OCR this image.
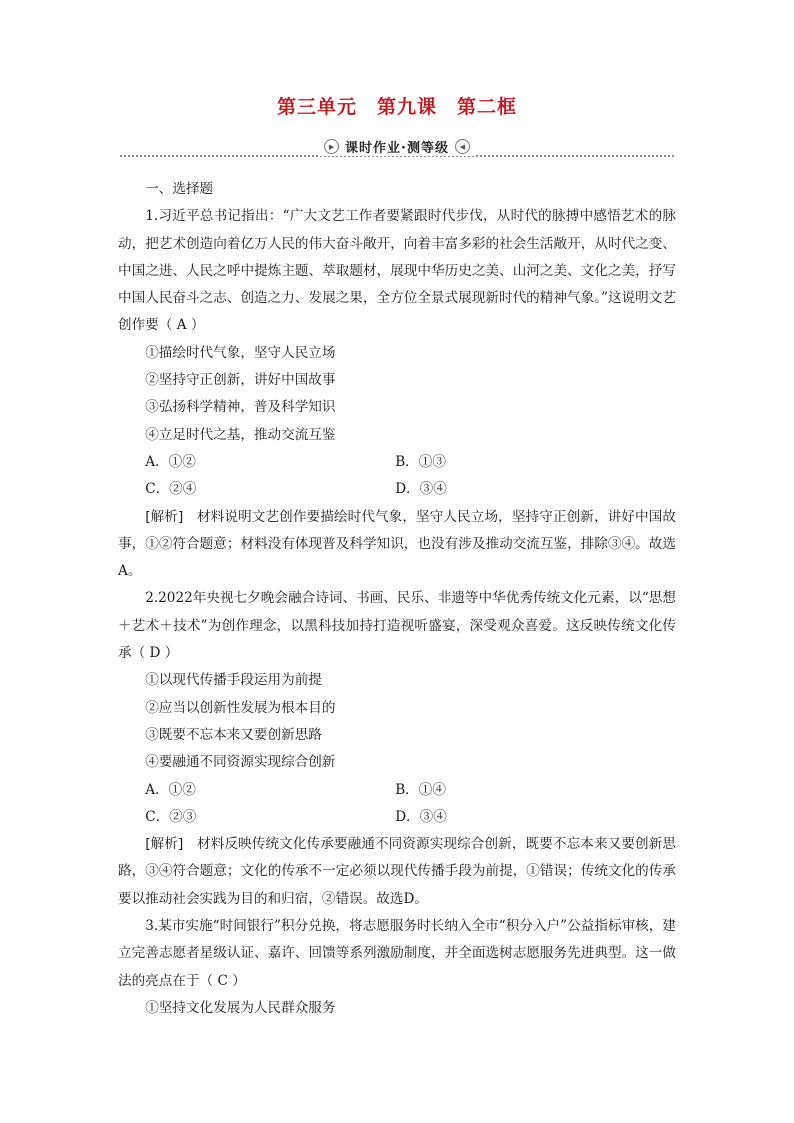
第三单元　第九课　第二框
▶ 课时作业·测等级	◀

一、选择题

1.习近平总书记指出：“广大文艺工作者要紧跟时代步伐，从时代的脉搏中感悟艺术的脉动，把艺术创造向着亿万人民的伟大奋斗敞开，向着丰富多彩的社会生活敞开，从时代之变、中国之进、人民之呼中提炼主题、萃取题材，展现中华历史之美、山河之美、文化之美，抒写中国人民奋斗之志、创造之力、发展之果，全方位全景式展现新时代的精神气象。”这说明文艺创作要（ A ）

①描绘时代气象，坚守人民立场

②坚持守正创新，讲好中国故事

③弘扬科学精神，普及科学知识

④立足时代之基，推动交流互鉴

A．①②	B．①③
C．②④	D．③④

[解析]　材料说明文艺创作要描绘时代气象，坚守人民立场，坚持守正创新，讲好中国故事，①②符合题意；材料没有体现普及科学知识，也没有涉及推动交流互鉴，排除③④。故选A。

2.2022年央视七夕晚会融合诗词、书画、民乐、非遗等中华优秀传统文化元素，以“思想＋艺术＋技术”为创作理念，以黑科技加持打造视听盛宴，深受观众喜爱。这反映传统文化传承（ D ）

①以现代传播手段运用为前提

②应当以创新性发展为根本目的

③既要不忘本来又要创新思路

④要融通不同资源实现综合创新

A．①②	B．①④
C．②③	D．③④

[解析]　材料反映传统文化传承要融通不同资源实现综合创新，既要不忘本来又要创新思路，③④符合题意；文化的传承不一定必须以现代传播手段为前提，①错误；传统文化的传承要以推动社会实践为目的和归宿，②错误。故选D。

3.某市实施“时间银行”积分兑换，将志愿服务时长纳入全市“积分入户”公益指标审核，建立完善志愿者星级认证、嘉许、回馈等系列激励制度，并全面选树志愿服务先进典型。这一做法的亮点在于（ C ）

①坚持文化发展为人民群众服务
